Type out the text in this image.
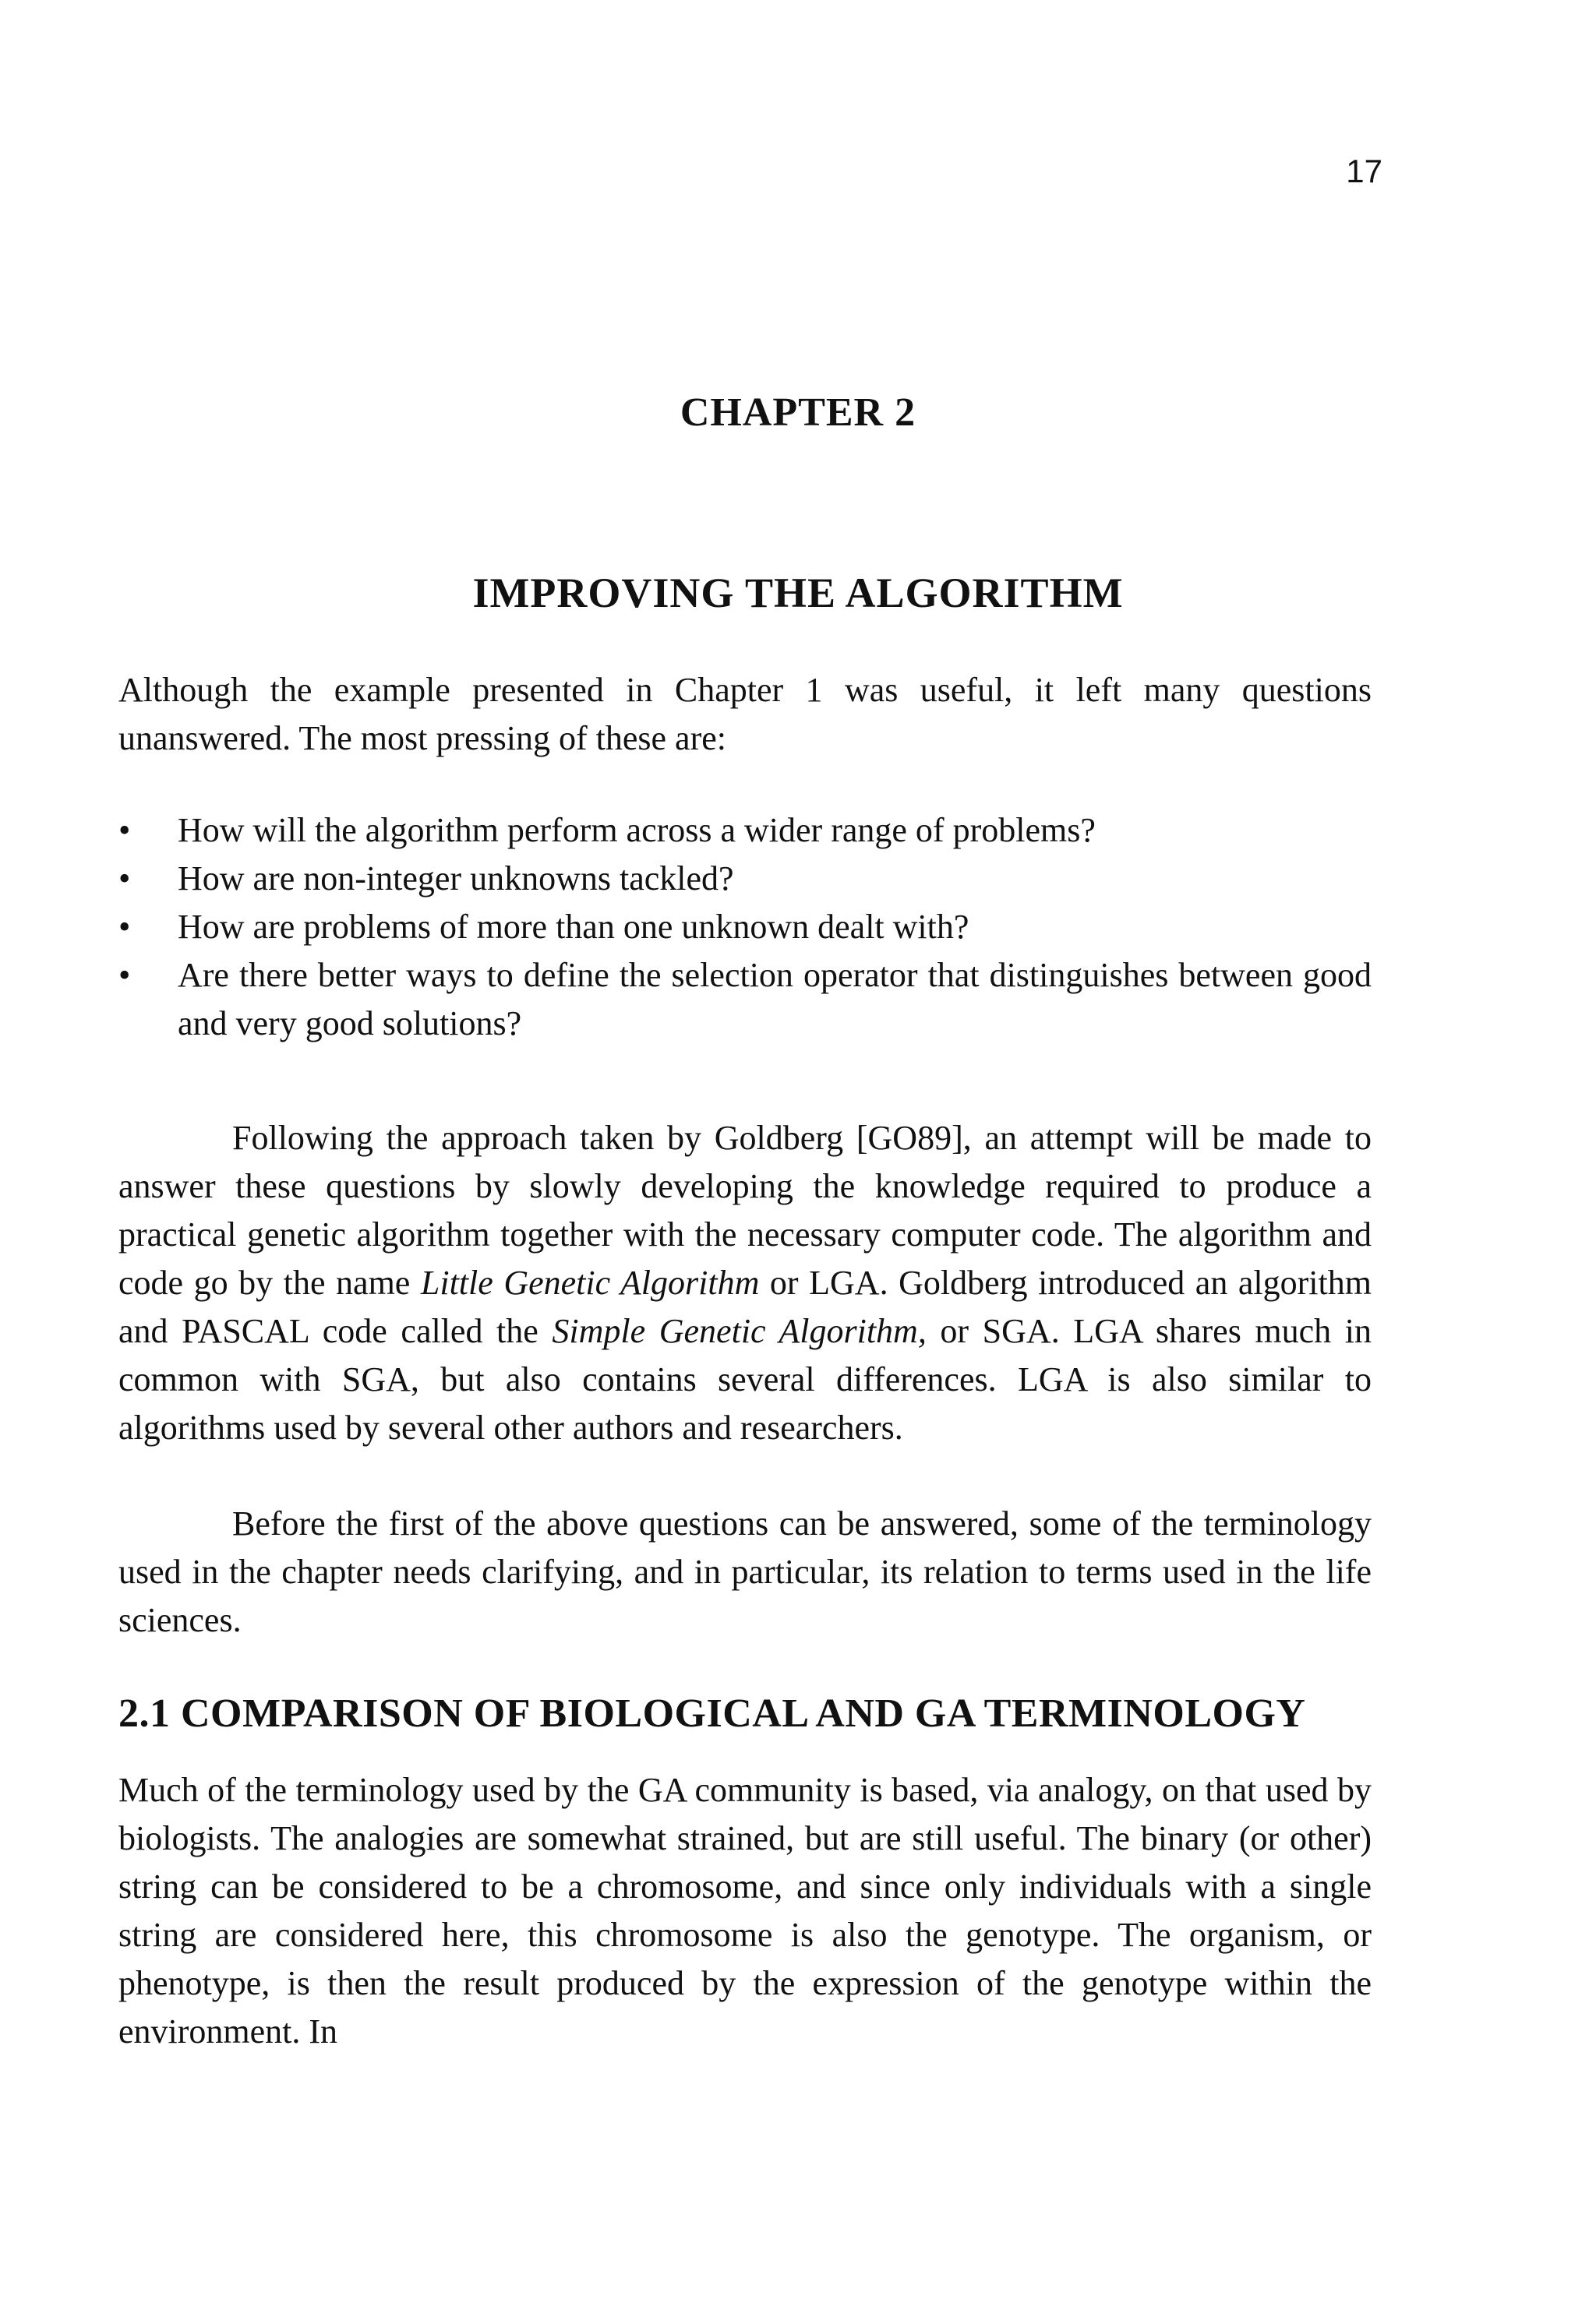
17

CHAPTER 2
IMPROVING THE ALGORITHM

Although the example presented in Chapter 1 was useful, it left many questions unanswered. The most pressing of these are:

•	How will the algorithm perform across a wider range of problems?
•	How are non-integer unknowns tackled?
•	How are problems of more than one unknown dealt with?
•	Are there better ways to define the selection operator that distinguishes between good and very good solutions?

Following the approach taken by Goldberg [GO89], an attempt will be made to answer these questions by slowly developing the knowledge required to produce a practical genetic algorithm together with the necessary computer code. The algorithm and code go by the name Little Genetic Algorithm or LGA. Goldberg introduced an algorithm and PASCAL code called the Simple Genetic Algorithm, or SGA. LGA shares much in common with SGA, but also contains several differences. LGA is also similar to algorithms used by several other authors and researchers.

Before the first of the above questions can be answered, some of the terminology used in the chapter needs clarifying, and in particular, its relation to terms used in the life sciences.

2.1 COMPARISON OF BIOLOGICAL AND GA TERMINOLOGY

Much of the terminology used by the GA community is based, via analogy, on that used by biologists. The analogies are somewhat strained, but are still useful. The binary (or other) string can be considered to be a chromosome, and since only individuals with a single string are considered here, this chromosome is also the genotype. The organism, or phenotype, is then the result produced by the expression of the genotype within the environment. In
